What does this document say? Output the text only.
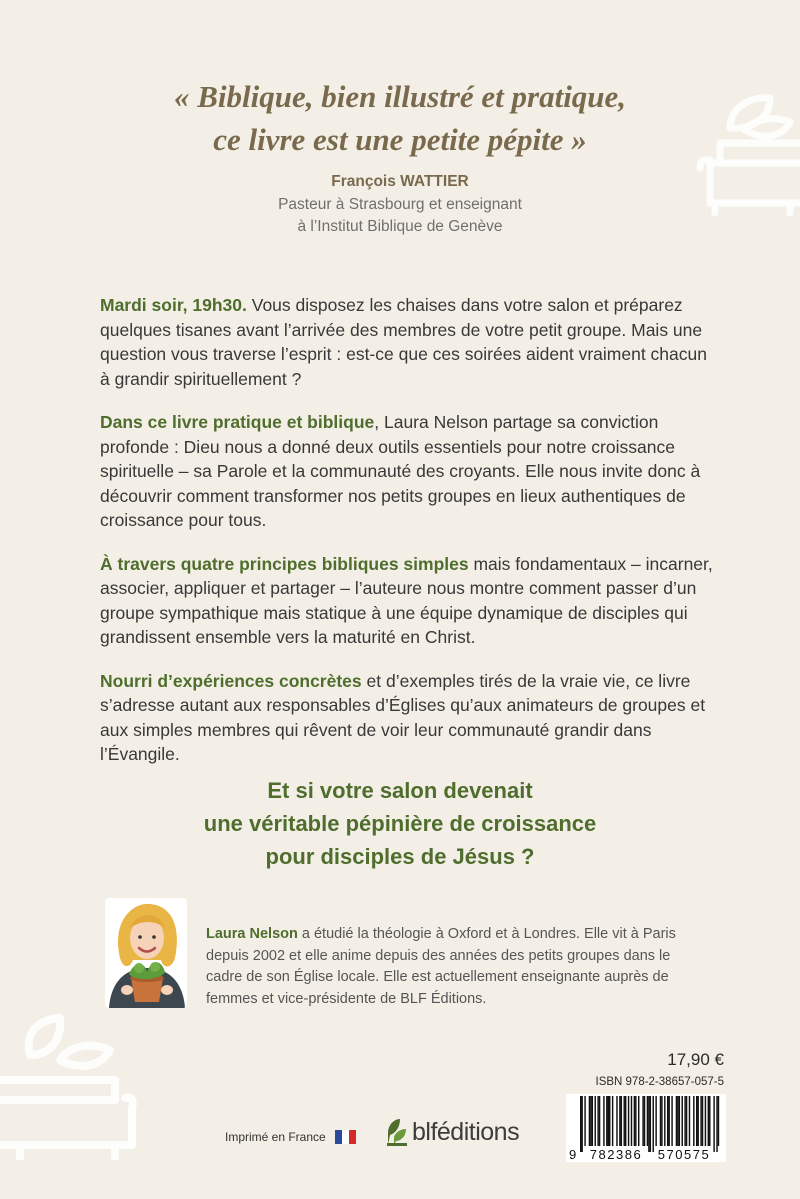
« Biblique, bien illustré et pratique,
ce livre est une petite pépite »
François WATTIER
Pasteur à Strasbourg et enseignant
à l’Institut Biblique de Genève

Mardi soir, 19h30. Vous disposez les chaises dans votre salon et préparez quelques tisanes avant l’arrivée des membres de votre petit groupe. Mais une question vous traverse l’esprit : est-ce que ces soirées aident vraiment chacun à grandir spirituellement ?

Dans ce livre pratique et biblique, Laura Nelson partage sa conviction profonde : Dieu nous a donné deux outils essentiels pour notre croissance spirituelle – sa Parole et la communauté des croyants. Elle nous invite donc à découvrir comment transformer nos petits groupes en lieux authentiques de croissance pour tous.

À travers quatre principes bibliques simples mais fondamentaux – incarner, associer, appliquer et partager – l’auteure nous montre comment passer d’un groupe sympathique mais statique à une équipe dynamique de disciples qui grandissent ensemble vers la maturité en Christ.

Nourri d’expériences concrètes et d’exemples tirés de la vraie vie, ce livre s’adresse autant aux responsables d’Églises qu’aux animateurs de groupes et aux simples membres qui rêvent de voir leur communauté grandir dans l’Évangile.

Et si votre salon devenait
une véritable pépinière de croissance
pour disciples de Jésus ?
Laura Nelson a étudié la théologie à Oxford et à Londres. Elle vit à Paris depuis 2002 et elle anime depuis des années des petits groupes dans le cadre de son Église locale. Elle est actuellement enseignante auprès de femmes et vice-présidente de BLF Éditions.
17,90 €
ISBN 978-2-38657-057-5
9 782386 570575
Imprimé en France	blféditions
